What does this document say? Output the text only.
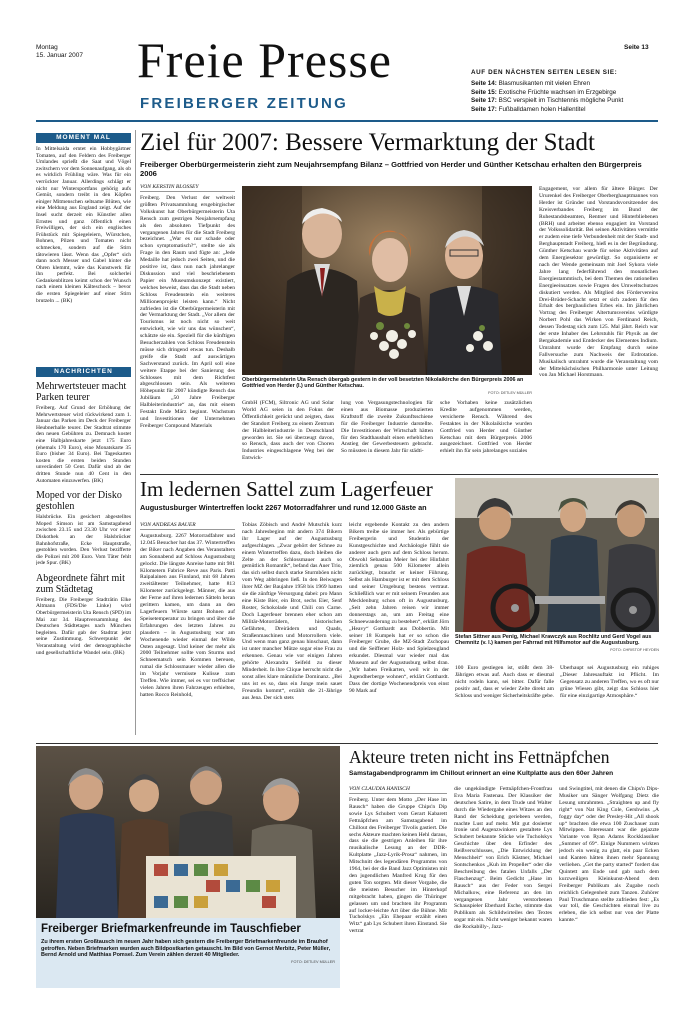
Montag
15. Januar 2007 Freie Presse
FREIBERGER ZEITUNG
Seite 13
AUF DEN NÄCHSTEN SEITEN LESEN SIE:
Seite 14: Blasmusikanten mit vielen Ehren
Seite 15: Exotische Früchte wachsen im Erzgebirge
Seite 17: BSC verspielt im Tischtennis mögliche Punkt
Seite 17: Fußballdamen holen Hallentitel
MOMENT MAL
In Mittelsaida erntet ein Hobbygärtner Tomaten, auf den Feldern des Freiberger Umlandes sprießt die Saat und Vögel zwitschern vor dem Sonnenaufgang, als ob es wirklich Frühling wäre. Was für ein verrückter Januar. Allerdings schlägt er nicht nur Wintersportfans gehörig aufs Gemüt, sondern treibt in den Köpfen einiger Mitmenschen seltsame Blüten, wie eine Meldung aus England zeigt. Auf der Insel sucht derzeit ein Künstler allen Ernstes und ganz öffentlich einen Freiwilligen, der sich ein englisches Frühstück mit Spiegeleiern, Würstchen, Bohnen, Pilzen und Tomaten nicht schmecken, sondern auf die Stirn tätowieren lässt. Wenn das „Opfer“ sich dann noch Messer und Gabel hinter die Ohren klemmt, wäre das Kunstwerk für ihn perfekt. Bei solcherlei Gedankenblitzen keimt schon der Wunsch nach einem kleinen Kälteschock – bevor die ersten Spiegeleier auf einer Stirn brutzeln ... (BK)
NACHRICHTEN
Mehrwertsteuer macht Parken teurer
Freiberg. Auf Grund der Erhöhung der Mehrwertsteuer wird rückwirkend zum 1. Januar das Parken im Deck der Freiberger Heubnerhalle teurer. Der Stadtrat stimmte den neuen Gebühren zu. Demnach kostet eine Halbjahreskarte jetzt 175 Euro (ehemals 170 Euro), eine Monatskarte 35 Euro (bisher 34 Euro). Bei Tageskarten kosten die ersten beiden Stunden unverändert 50 Cent. Dafür sind ab der dritten Stunde nun 40 Cent in den Automaten einzuwerfen. (BK)
Moped vor der Disko gestohlen
Halsbrücke. Ein gesichert abgestelltes Moped Simson ist am Samstagabend zwischen 23.15 und 23.30 Uhr vor einer Diskothek an der Halsbrücker Bahnhofstraße, Ecke Hauptstraße, gestohlen worden. Den Verlust bezifferte die Polizei mit 200 Euro. Vom Täter fehlt jede Spur. (BK)
Abgeordnete fährt mit zum Städtetag
Freiberg. Die Freiberger Stadträtin Elke Altmann (FDS/Die Linke) wird Oberbürgermeisterin Uta Rensch (SPD) im Mai zur 34. Hauptversammlung des Deutschen Städtetages nach München begleiten. Dafür gab der Stadtrat jetzt seine Zustimmung. Schwerpunkt der Veranstaltung wird der demographische und gesellschaftliche Wandel sein. (BK)
Ziel für 2007: Bessere Vermarktung der Stadt
Freiberger Oberbürgermeisterin zieht zum Neujahrsempfang Bilanz – Gottfried von Herder und Günther Ketschau erhalten den Bürgerpreis 2006
VON KERSTIN BLOSSEY
Freiberg. Den Verlust der weltweit größten Privatsammlung ersgebirgischer Volkskunst hat Oberbürgermeisterin Uta Rensch zum gestrigen Neujahrsempfang als den absoluten Tiefpunkt des vergangenen Jahres für die Stadt Freiberg bezeichnet. „War es nur schade oder schon symptomatisch?“, stellte sie als Frage in den Raum und fügte an: „Jede Medaille hat jedoch zwei Seiten, und die positive ist, dass nun nach jahrelanger Diskussion und viel beschriebenem Papier ein Museumskonzept existiert, welches beweist, dass das die Stadt neben Schloss Freudenstein ein weiteres Millionenprojekt leisten kann.“ Nicht zufrieden ist die Oberbürgermeisterin mit der Vermarktung der Stadt. „Vor allem der Tourismus ist noch nicht so weit entwickelt, wie wir uns das wünschen“, schätzte sie ein. Speziell für die künftigen Besucherzahlen von Schloss Freudenstein müsse sich dringend etwas tun. Deshalb greife die Stadt auf auswärtigen Sachverstand zurück. Im April soll eine weitere Etappe bei der Sanierung des Schlosses mit dem Richtfest abgeschlossen sein. Als weiteren Höhepunkt für 2007 kündigte Rensch das Jubiläum „50 Jahre Freiberger Halbleiterindustrie“ an, das mit einem Festakt Ende März beginnt. Wachstum und Investitionen der Unternehmen Freiberger Compound Materials
Oberbürgermeisterin Uta Rensch übergab gestern in der voll besetzten Nikolaikirche den Bürgerpreis 2006 an Gottfried von Herder (l.) und Günther Ketschau.
FOTO: DETLEV MÜLLER
GmbH (FCM), Siltronic AG und Solar World AG seien in den Fokus der Öffentlichkeit gerückt und zeigten, dass der Standort Freiberg zu einem Zentrum der Halbleiterindustrie in Deutschland geworden ist. Sie sei überzeugt davon, so Rensch, dass auch der von Choren Industries eingeschlagene Weg bei der Entwick-
lung von Vergasungstechnologien für einen aus Biomasse produzierten Kraftstoff die zweite Zukunftsschiene für die Freiberger Industrie darstellte. Die Investitionen der Wirtschaft hätten für den Stadthaushalt einen erheblichen Anstieg der Gewerbesteuern gebracht. So müssten in diesem Jahr für städti-
sche Vorhaben keine zusätzlichen Kredite aufgenommen werden, versicherte Rensch. Während des Festaktes in der Nikolaikirche wurden Gottfried von Herder und Günther Ketschau mit dem Bürgerpreis 2006 ausgezeichnet. Gottfried von Herder erhielt ihn für sein jahrelanges soziales
Engagement, vor allem für ältere Bürger. Der Ururenkel des Freiberger Oberberghauptmannes von Herder ist Gründer und Vorstandsvorsitzender des Kreisverbandes Freiberg im Bund der Ruhestandsbeamten, Rentner und Hinterbliebenen (BRH) und arbeitet ebenso engagiert im Vorstand der Volkssolidarität. Bei seinen Aktivitäten vermittle er zudem eine tiefe Verbundenheit mit der Stadt- und Berghauptstadt Freiberg, hieß es in der Begründung. Günther Ketschau wurde für seine Aktivitäten auf dem Energiesektor gewürdigt. So organisierte er nach der Wende gemeinsam mit Joel Sykora viele Jahre lang federführend den monatlichen Energiestammtisch, bei dem Themen des rationellen Energieeinsatzes sowie Fragen des Umweltschutzes diskutiert werden. Als Mitglied des Fördervereins Drei-Brüder-Schacht setzt er sich zudem für den Erhalt des bergbaulichen Erbes ein. Im jährlichen Vortrag des Freiberger Altertumsvereins würdigte Norbert Pohl das Wirken von Ferdinand Reich, dessen Todestag sich zum 125. Mal jährt. Reich war der erste Inhaber des Lehrstuhls für Physik an der Bergakademie und Entdecker des Elementes Indium. Umrahmt wurde der Empfang durch seine Fallversuche zum Nachweis der Erdrotation. Musikalisch umrahmt wurde die Veranstaltung vom der Mittelsächsischen Philharmonie unter Leitung von Jan Michael Horstmann.
Im ledernen Sattel zum Lagerfeuer
Augustusburger Wintertreffen lockt 2267 Motorradfahrer und rund 12.000 Gäste an
VON ANDREAS BAUER
Augustusburg. 2267 Motorradfahrer und 12.045 Besucher hat das 37. Wintertreffen der Biker nach Angaben des Veranstalters am Sonnabend auf Schloss Augustusburg gelockt. Die längste Anreise hatte mit 981 Kilometern Fabrice Reve aus Paris. Patti Raipalainen aus Finnland, mit 68 Jahren zweitältester Teilnehmer, hatte 813 Kilometer zurückgelegt. Männer, die aus der Ferne auf ihren ledernen Sätteln heran gerittern kamen, um dann an den Lagerfeuern Würste samt Bohnen auf Speisetemperatur zu bringen und über die Erfahrungen des letzten Jahres zu plaudern – in Augustusburg war am Wochenende wieder einmal der Wilde Osten angesagt. Und keiner der mehr als 2000 Teilnehmer sollte vom Sturms und Schneematsch sein Kommen bereuen, rumal die Schlossmauer wieder allen die im Vorjahr vermisste Kulisse zum Treffen. Wie immer, sei es vor treffsicher vielen Jahren ihren Fahrzeugen erhielten, hatten Rocco Reinhold,
Tobias Zöbisch und André Mutschik kurz nach Jahresbeginn mit andern 374 Bikern ihr Lager auf der Augustusburg aufgeschlagen. „Zwar gehört der Schnee zu einem Wintertreffen dazu, doch bleiben die Zelte an der Schlossmauer auch so gemütlich Romantik“, befand das Auer Trio, das sich selbst durch starke Sturmböen nicht vom Weg abbringen ließ. In den Beiwagen ihrer MZ der Baujahre 1958 bis 1969 hatten sie die zünftige Versorgung dabei: pro Mann eine Kiste Bier, ein Brot, sechs Eier, Senf Roster, Schokolade und Chili con Carne. Doch Lagerfeuer brennen eher schon am Militär-Motorrädern, historischen Gefährten, Dreirädern und Quads, Straßenmaschinen und Motorrollern viele. Und wenn man ganz genau hinschaut, dann ist unter mancher Mütze sogar eine Frau zu erkennen. Genau wie vor einigen Jahren gehörte Alexandra Seifeld zu dieser Minderheit. In ihre Clique herrscht nicht die sonst alles klare männliche Dominanz. „Bei uns ist es so, dass ein Junge mein sauet Freundin kommt“, erzählt die 21-Jährige aus Jena. Der sich stets
leicht ergebende Kontakt zu den andern Bikern treibe sie immer her. Als gebürtige Freibergerin und Studentin der Kunstgeschichte und Archäologie fühlt sie anderer auch gern auf dem Schloss herum. Obwohl Sebastian Meier bei der Hinfahrt ziemlich genau 500 Kilometer allein zurücklegt, braucht er keiner Führung. Selbst als Hamburger ist er mit dem Schloss und seiner Umgebung bestens vertraut. Schließlich war er mit seinem Freunden aus Mecklenburg schon oft in Augustusburg. „Seit zehn Jahren reisen wir immer donnerstags an, um am Freitag eine Schneewanderung zu bestehen“, erklärt Jörn „Heavy“ Gotthardt aus Dobbertin. Mit seiner 18 Kumpels hat er so schon die Freiberger Grube, die MZ-Stadt Zschopau und die Seiffener Holz- und Spielzeugland erkundet. Diesmal war wieder mal das Museum auf der Augustusburg selbst dran. „Wir haben Freikarten, weil wir in der Jugendherberge wohnen“, erklärt Gotthardt. Dass der dortige Wochenendpreis von einst 90 Mark auf
Stefan Sittner aus Penig, Michael Krawczyk aus Rochlitz und Gerd Vogel aus Chemnitz (v. l.) kamen per Fahrrad mit Hilfsmotor auf die Augustusburg.
FOTO: CHRISTOF HEYDEN
100 Euro gestiegen ist, stößt dem 38-Jährigen etwas auf. Auch dass er diesmal nicht rodeln kann, sei bitter. Dafür falle positiv auf, dass er wieder Zelte direkt am Schloss und weniger Sicherheitskräfte gebe.
Überhaupt sei Augustusburg ein ruhiges „Dieser Jahresauftakt ist Pflicht. Im Gegensatz zu anderen Treffen, wo es oft nur grüne Wiesen gibt, zeigt das Schloss hier für eine einzigartige Atmosphäre.“
Freiberger Briefmarkenfreunde im Tauschfieber
Zu ihrem ersten Großtausch im neuen Jahr haben sich gestern die Freiberger Briefmarkenfreunde im Brauhof getroffen. Neben Briefmarken wurden auch Bildpostkarten getauscht. Im Bild von Gernot Merbitz, Peter Müller, Bernd Arnold und Matthias Pomsel. Zum Verein zählen derzeit 40 Mitglieder.
FOTO: DETLEV MÜLLER
Akteure treten nicht ins Fettnäpfchen
Samstagabendprogramm im Chillout erinnert an eine Kultplatte aus den 60er Jahren
VON CLAUDIA HANISCH
Freiberg. Unter dem Motto „Der Hase im Rausch“ haben die Gruppe Chips'n Dip sowie Lys Schubert vom Gerart Kabarett Fettnäpfchen am Samstagabend im Chillout des Freiberger Tivolis gastiert. Die sechs Akteure machten keinen Hehl daraus, dass sie die gestrigen Anleihen für ihre musikalische Lesung an der DDR-Kultplatte „Jazz-Lyrik-Prosa“ nahmen, im Mitschnitt des legendären Programms von 1964, bei der die Band Jazz Optimisten mit den jugendlichen Manfred Krug für den guten Ton sorgten. Mit dieser Vorgabe, die die meisten Besucher im Hinterkopf mitgebracht haben, gingen die Thüringer gelassen um und brachten ihr Programm auf locker-leichte Art über die Bühne. Mit Tucholskys „Ein Ehepaar erzählt einen Witz“ gab Lys Schubert ihren Einstand. Sie vertrat
die ungekündigte Fettnäpfchen-Frontfrau Eva Maria Fastenau. Der Klassiker der deutschen Satire, in dem Trude und Walter durch die Wiedergabe eines Witzes an den Rand der Scheidung geriebeen werden, machte Lust auf mehr. Mit gut dosierter Ironie und Augenzwinkern gestaltete Lys Schubert bekannte Stücke wie Tucholskys Geschichte über den Erfinder des Reißverschlusses, „Die Entwicklung der Menschheit“ von Erich Kästner, Michael Sontschenkos „Kuh im Propeller“ oder die Beschreibung des fatalen Unfalls „Der Flaschenzug“. Beim Gedicht „Hase im Rausch“ aus der Feder von Sergei Michalkow, eine Referenz an den im vergangenen Jahr verstorbenen Schauspieler Eberhard Esche, stimmte das Publikum als Schildwirteiles den Textes sogar mit ein. Nicht weniger bekannt waren die Rockabilly-, Jazz-
und Swingtitel, mit denen die Chips'n Dips-Musiker um Sänger Wolfgang Dietz die Lesung umrahmten. „Straighten up and fly right“ von Nat King Cole, Gershwins „A foggy day“ oder der Presley-Hit „All shook up“ brachten die etwa 100 Zuschauer zum Mitwippen. Interessant war die gejazzte Variante von Ryan Adams Rockklassiker „Summer of 69“. Einige Nummern wirkten jedoch ein wenig zu glatt, ein paar Ecken und Kanten hätten ihnen mehr Spannung verliehen. „Get the party started“ fordert das Quintett am Ende und gab nach dem kurzweiligen Kleinkunst-Abend dem Freiberger Publikum als Zugabe noch reichlich Gelegenheit zum Tanzen. Zuhörer Paul Truschmann stellte zufrieden fest: „Es war toll, die Geschichten einmal live zu erleben, die ich selbst nur von der Platte kannte.“
